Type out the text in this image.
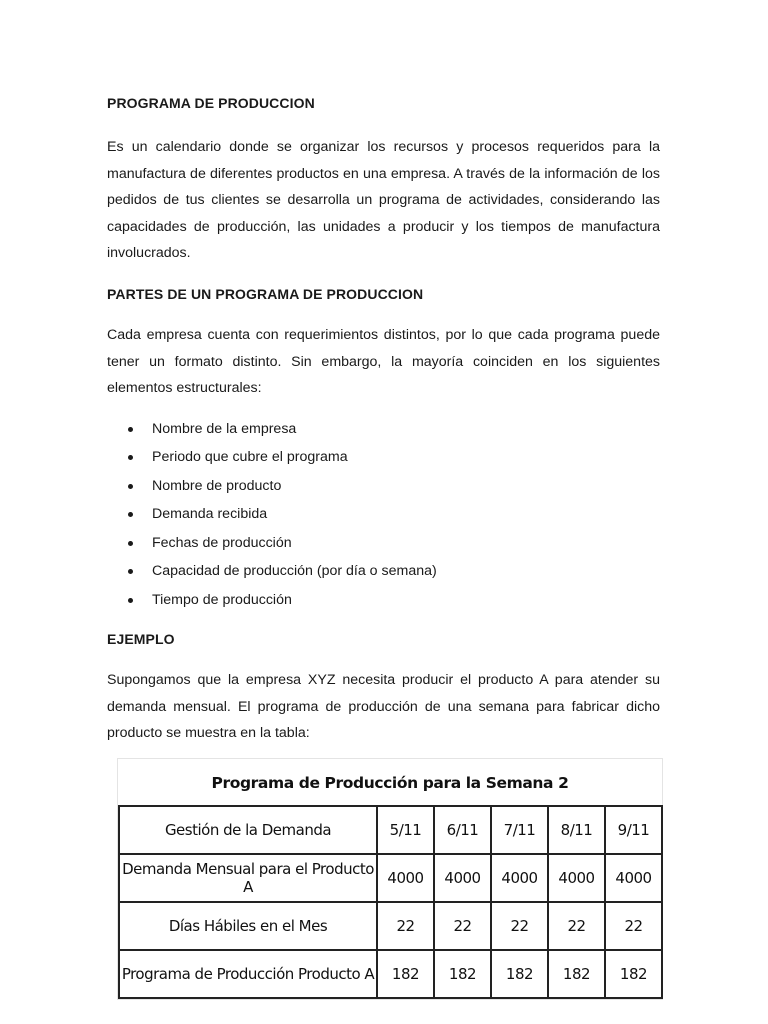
PROGRAMA DE PRODUCCION

Es un calendario donde se organizar los recursos y procesos requeridos para la manufactura de diferentes productos en una empresa. A través de la información de los pedidos de tus clientes se desarrolla un programa de actividades, considerando las capacidades de producción, las unidades a producir y los tiempos de manufactura involucrados.

PARTES DE UN PROGRAMA DE PRODUCCION

Cada empresa cuenta con requerimientos distintos, por lo que cada programa puede tener un formato distinto. Sin embargo, la mayoría coinciden en los siguientes elementos estructurales:

Nombre de la empresa
Periodo que cubre el programa
Nombre de producto
Demanda recibida
Fechas de producción
Capacidad de producción (por día o semana)
Tiempo de producción
EJEMPLO

Supongamos que la empresa XYZ necesita producir el producto A para atender su demanda mensual. El programa de producción de una semana para fabricar dicho producto se muestra en la tabla:

Programa de Producción para la Semana 2
Gestión de la Demanda	5/11	6/11	7/11	8/11	9/11
Demanda Mensual para el Producto A	4000	4000	4000	4000	4000
Días Hábiles en el Mes	22	22	22	22	22
Programa de Producción Producto A	182	182	182	182	182
